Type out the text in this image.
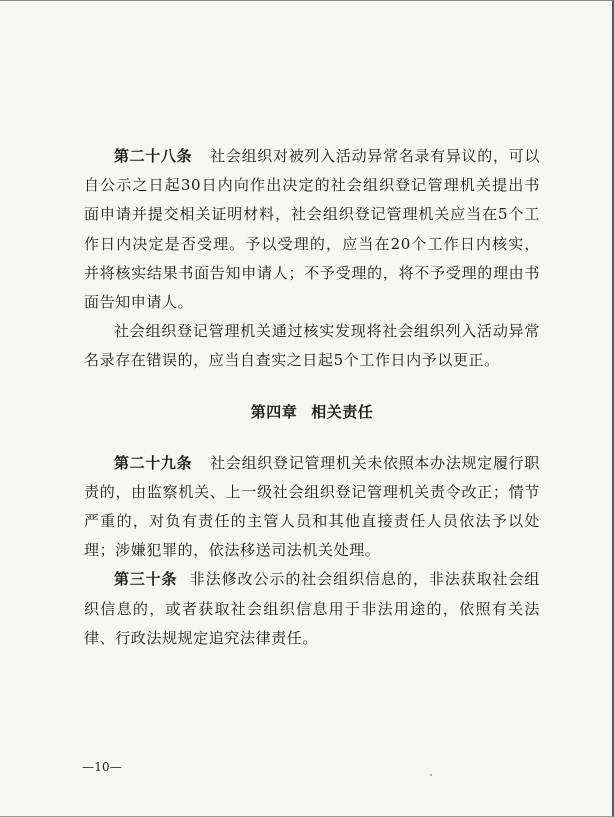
第二十八条 社会组织对被列入活动异常名录有异议的，可以自公示之日起30日内向作出决定的社会组织登记管理机关提出书面申请并提交相关证明材料，社会组织登记管理机关应当在5个工作日内决定是否受理。予以受理的，应当在20个工作日内核实，并将核实结果书面告知申请人；不予受理的，将不予受理的理由书面告知申请人。

社会组织登记管理机关通过核实发现将社会组织列入活动异常名录存在错误的，应当自查实之日起5个工作日内予以更正。

第四章 相关责任

第二十九条 社会组织登记管理机关未依照本办法规定履行职责的，由监察机关、上一级社会组织登记管理机关责令改正；情节严重的，对负有责任的主管人员和其他直接责任人员依法予以处理；涉嫌犯罪的，依法移送司法机关处理。

第三十条 非法修改公示的社会组织信息的，非法获取社会组织信息的，或者获取社会组织信息用于非法用途的，依照有关法律、行政法规规定追究法律责任。

—10—
